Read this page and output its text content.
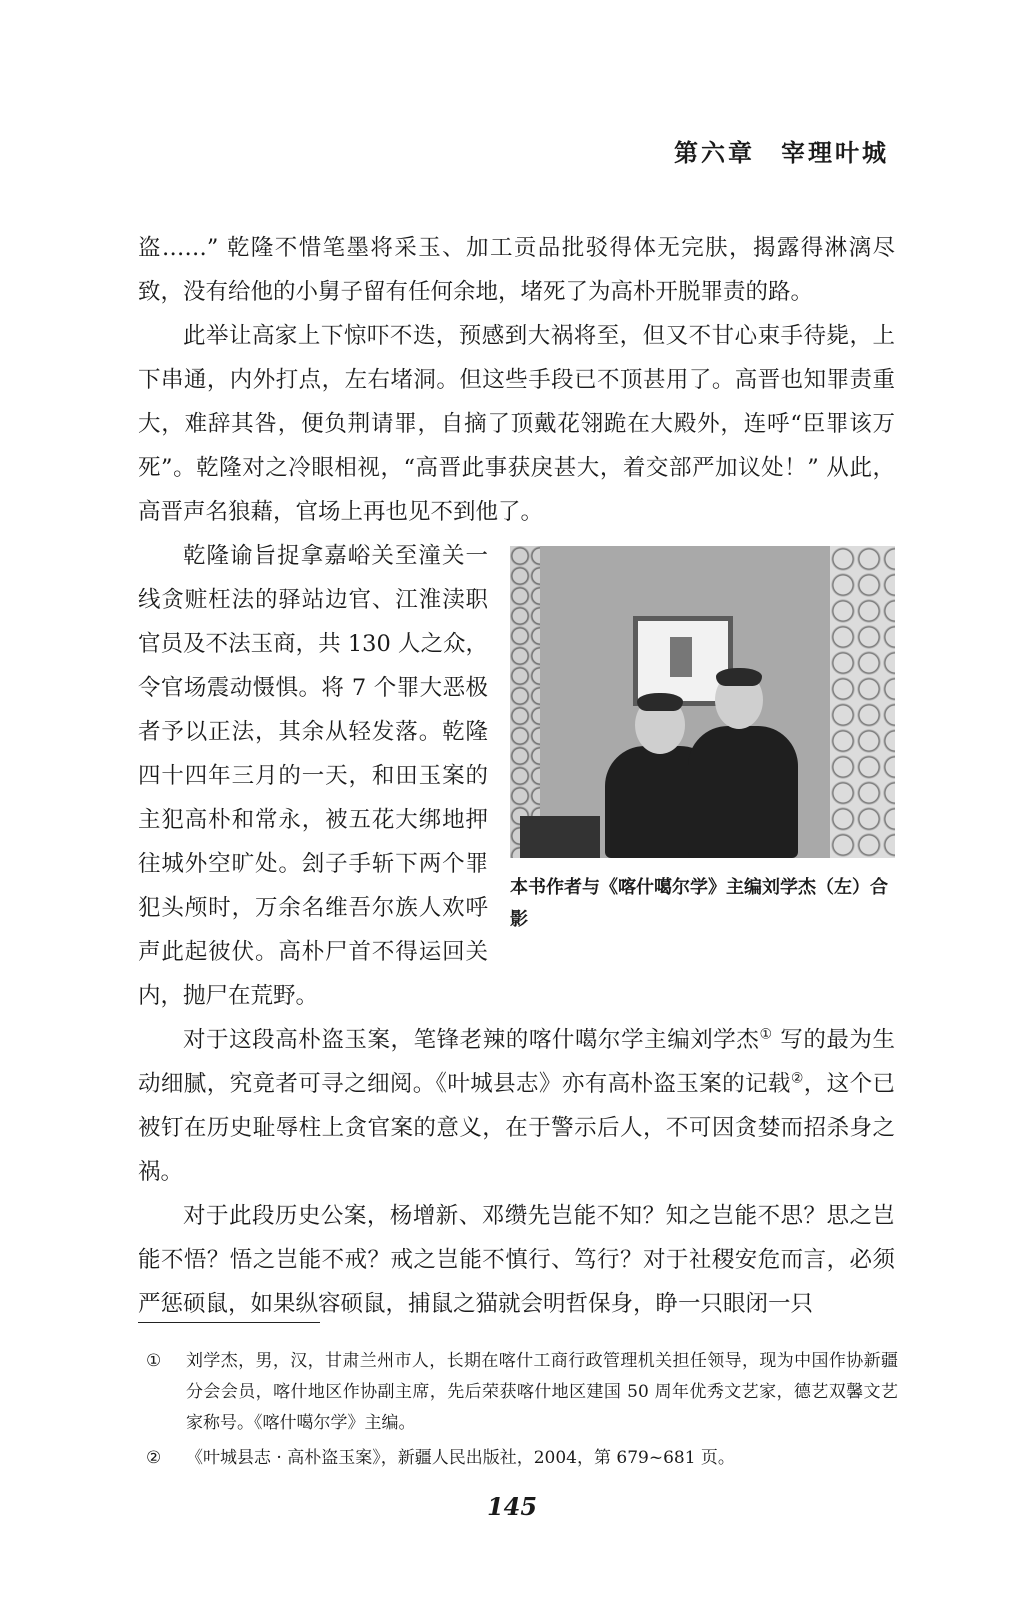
第六章 宰理叶城

盗……” 乾隆不惜笔墨将采玉、加工贡品批驳得体无完肤，揭露得淋漓尽致，没有给他的小舅子留有任何余地，堵死了为高朴开脱罪责的路。

此举让高家上下惊吓不迭，预感到大祸将至，但又不甘心束手待毙，上下串通，内外打点，左右堵洞。但这些手段已不顶甚用了。高晋也知罪责重大，难辞其咎，便负荆请罪，自摘了顶戴花翎跪在大殿外，连呼“臣罪该万死”。乾隆对之冷眼相视，“高晋此事获戾甚大，着交部严加议处！” 从此，高晋声名狼藉，官场上再也见不到他了。

本书作者与《喀什噶尔学》主编刘学杰（左）合影

乾隆谕旨捉拿嘉峪关至潼关一线贪赃枉法的驿站边官、江淮渎职官员及不法玉商，共 130 人之众，令官场震动慑惧。将 7 个罪大恶极者予以正法，其余从轻发落。乾隆四十四年三月的一天，和田玉案的主犯高朴和常永，被五花大绑地押往城外空旷处。刽子手斩下两个罪犯头颅时，万余名维吾尔族人欢呼声此起彼伏。高朴尸首不得运回关内，抛尸在荒野。

对于这段高朴盗玉案，笔锋老辣的喀什噶尔学主编刘学杰① 写的最为生动细腻，究竟者可寻之细阅。《叶城县志》亦有高朴盗玉案的记载②，这个已被钉在历史耻辱柱上贪官案的意义，在于警示后人，不可因贪婪而招杀身之祸。

对于此段历史公案，杨增新、邓缵先岂能不知？知之岂能不思？思之岂能不悟？悟之岂能不戒？戒之岂能不慎行、笃行？对于社稷安危而言，必须严惩硕鼠，如果纵容硕鼠，捕鼠之猫就会明哲保身，睁一只眼闭一只

①	刘学杰，男，汉，甘肃兰州市人，长期在喀什工商行政管理机关担任领导，现为中国作协新疆分会会员，喀什地区作协副主席，先后荣获喀什地区建国 50 周年优秀文艺家，德艺双馨文艺家称号。《喀什噶尔学》主编。
②	《叶城县志 · 高朴盗玉案》，新疆人民出版社，2004，第 679~681 页。
145
